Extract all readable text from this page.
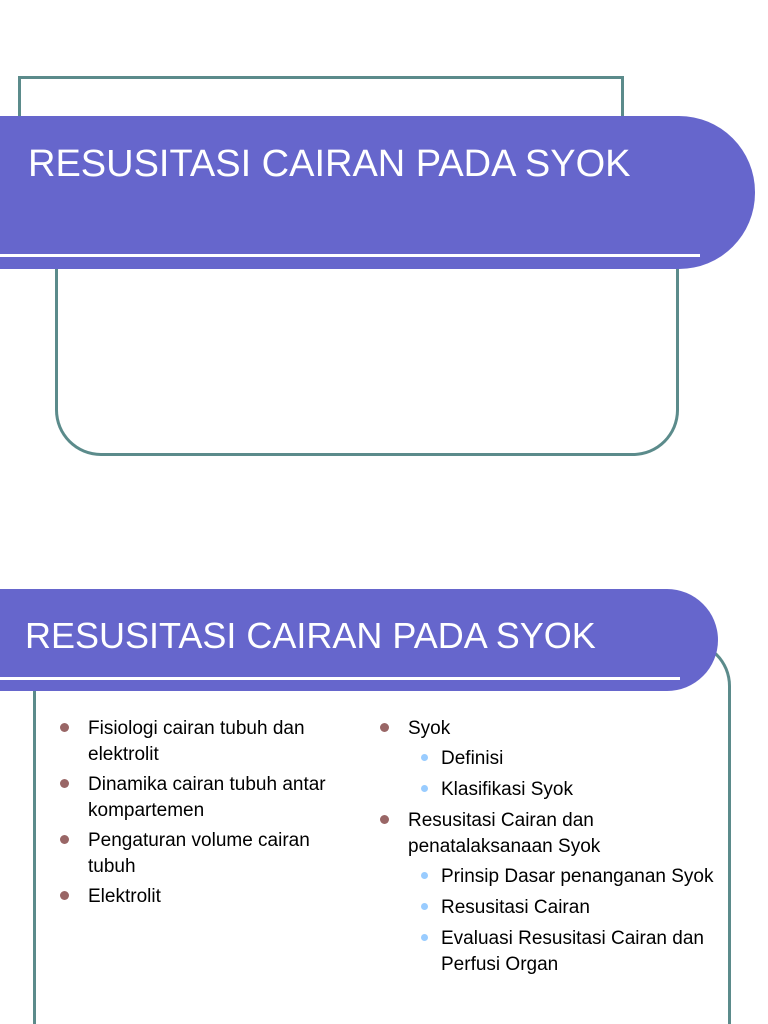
RESUSITASI CAIRAN PADA SYOK
RESUSITASI CAIRAN PADA SYOK
Fisiologi cairan tubuh dan elektrolit
Dinamika cairan tubuh antar kompartemen
Pengaturan volume cairan tubuh
Elektrolit
Syok
Definisi
Klasifikasi Syok
Resusitasi Cairan dan penatalaksanaan Syok
Prinsip Dasar penanganan Syok
Resusitasi Cairan
Evaluasi Resusitasi Cairan dan Perfusi Organ
